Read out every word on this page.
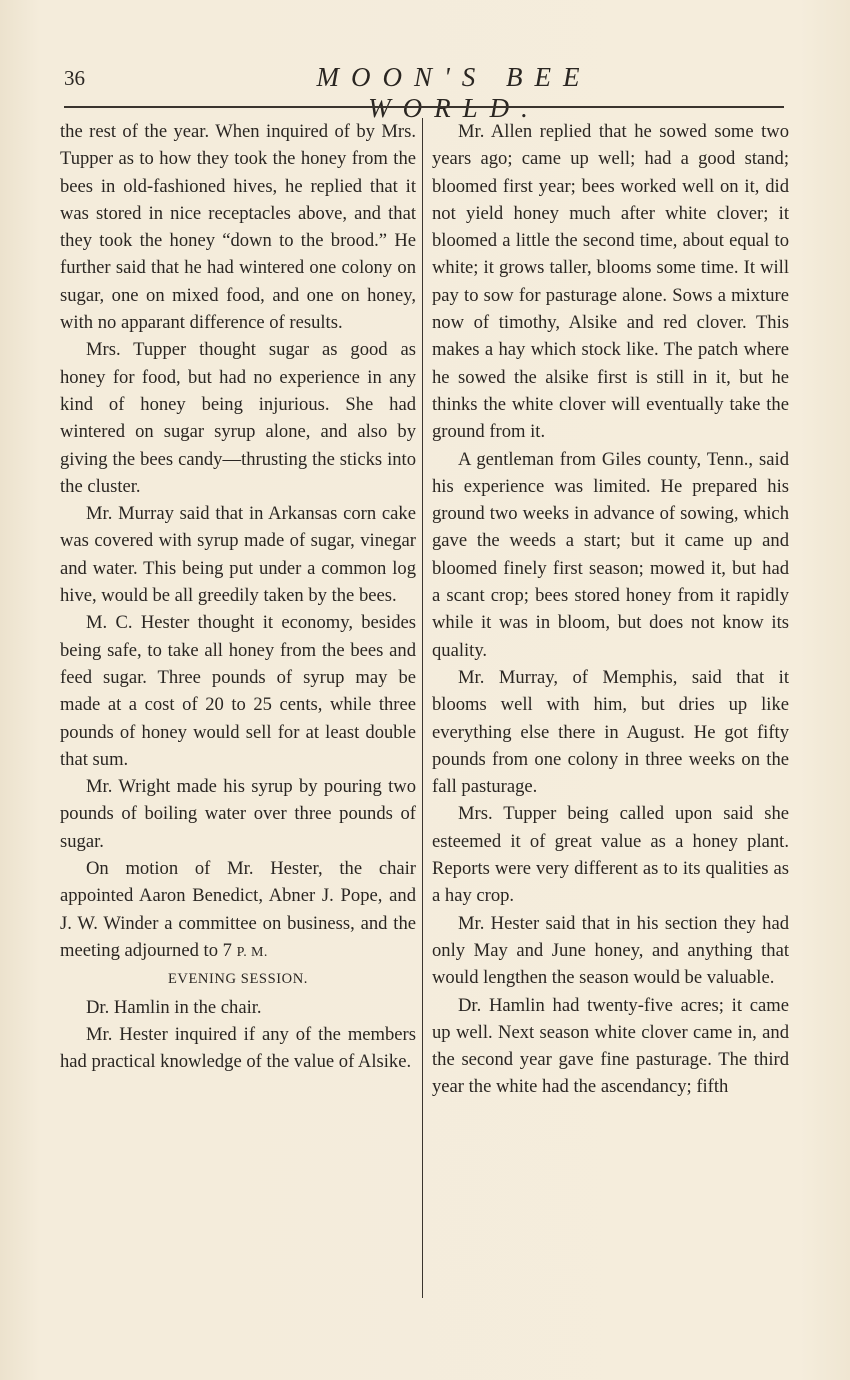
36	MOON'S BEE WORLD.

the rest of the year. When inquired of by Mrs. Tupper as to how they took the honey from the bees in old-fashioned hives, he replied that it was stored in nice receptacles above, and that they took the honey “down to the brood.” He further said that he had wintered one colony on sugar, one on mixed food, and one on honey, with no apparant difference of results.

Mrs. Tupper thought sugar as good as honey for food, but had no experience in any kind of honey being injurious. She had wintered on sugar syrup alone, and also by giving the bees candy—thrusting the sticks into the cluster.

Mr. Murray said that in Arkansas corn cake was covered with syrup made of sugar, vinegar and water. This being put under a common log hive, would be all greedily taken by the bees.

M. C. Hester thought it economy, besides being safe, to take all honey from the bees and feed sugar. Three pounds of syrup may be made at a cost of 20 to 25 cents, while three pounds of honey would sell for at least double that sum.

Mr. Wright made his syrup by pouring two pounds of boiling water over three pounds of sugar.

On motion of Mr. Hester, the chair appointed Aaron Benedict, Abner J. Pope, and J. W. Winder a committee on business, and the meeting adjourned to 7 P. M.

EVENING SESSION.

Dr. Hamlin in the chair.

Mr. Hester inquired if any of the members had practical knowledge of the value of Alsike.

Mr. Allen replied that he sowed some two years ago; came up well; had a good stand; bloomed first year; bees worked well on it, did not yield honey much after white clover; it bloomed a little the second time, about equal to white; it grows taller, blooms some time. It will pay to sow for pasturage alone. Sows a mixture now of timothy, Alsike and red clover. This makes a hay which stock like. The patch where he sowed the alsike first is still in it, but he thinks the white clover will eventually take the ground from it.

A gentleman from Giles county, Tenn., said his experience was limited. He prepared his ground two weeks in advance of sowing, which gave the weeds a start; but it came up and bloomed finely first season; mowed it, but had a scant crop; bees stored honey from it rapidly while it was in bloom, but does not know its quality.

Mr. Murray, of Memphis, said that it blooms well with him, but dries up like everything else there in August. He got fifty pounds from one colony in three weeks on the fall pasturage.

Mrs. Tupper being called upon said she esteemed it of great value as a honey plant. Reports were very different as to its qualities as a hay crop.

Mr. Hester said that in his section they had only May and June honey, and anything that would lengthen the season would be valuable.

Dr. Hamlin had twenty-five acres; it came up well. Next season white clover came in, and the second year gave fine pasturage. The third year the white had the ascendancy; fifth
